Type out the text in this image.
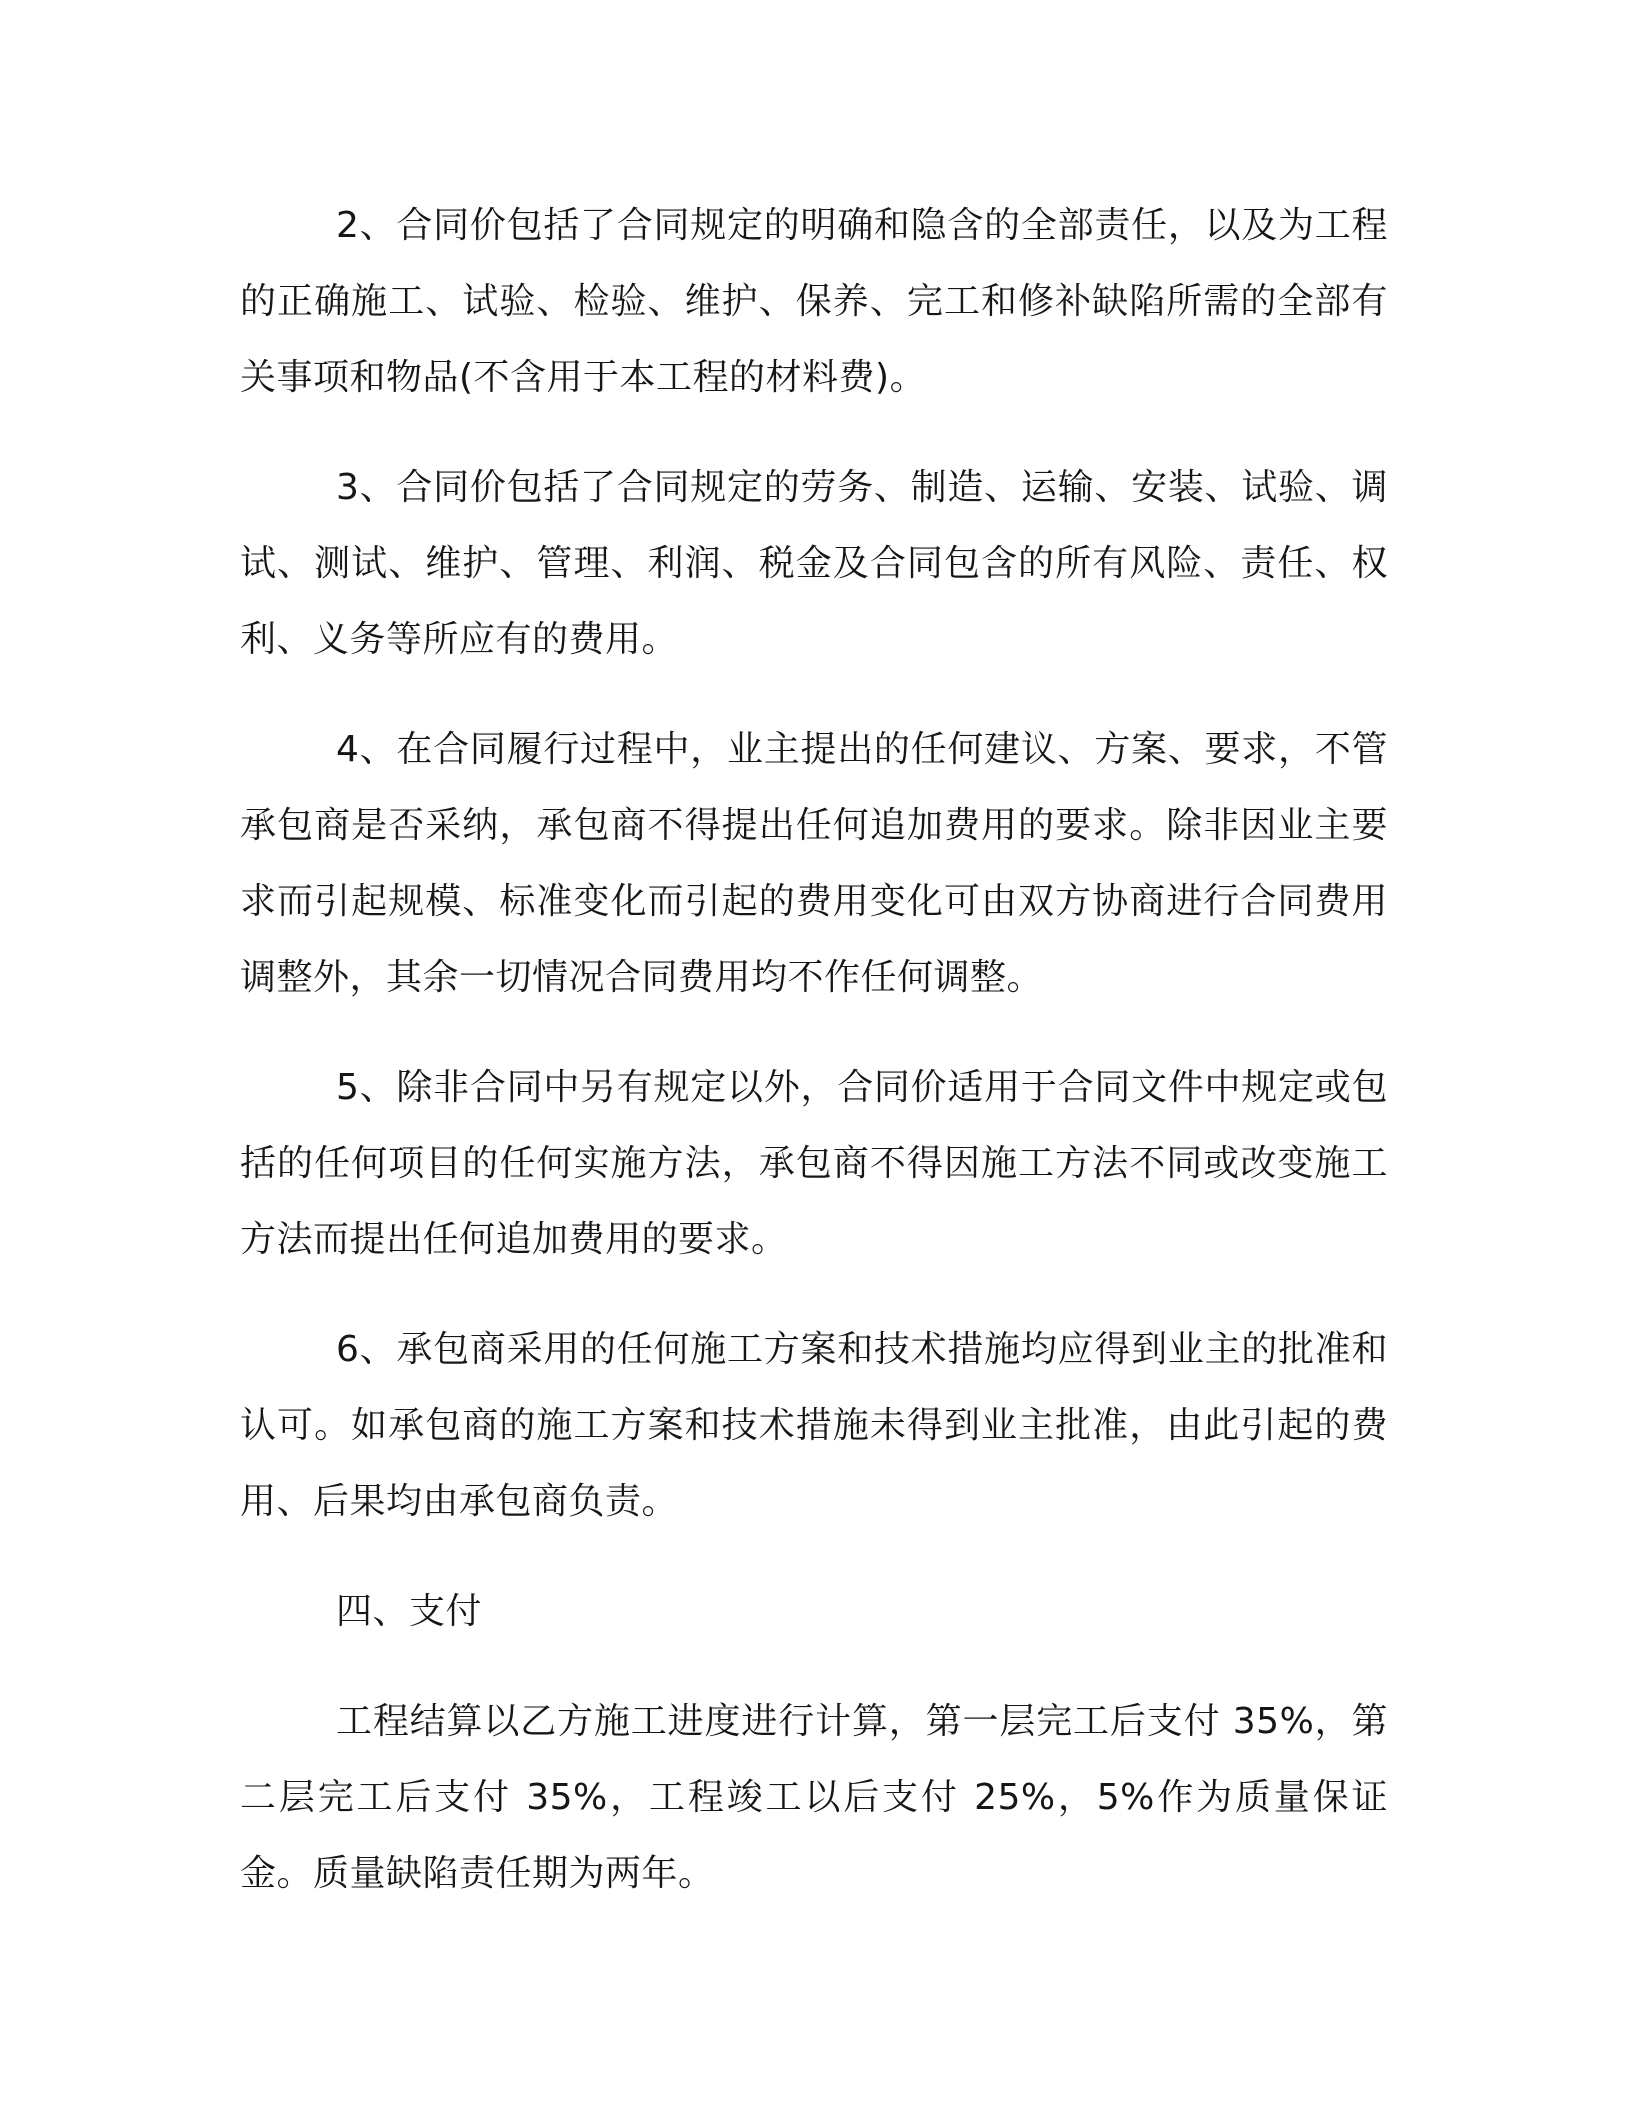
2、合同价包括了合同规定的明确和隐含的全部责任，以及为工程的正确施工、试验、检验、维护、保养、完工和修补缺陷所需的全部有关事项和物品(不含用于本工程的材料费)。

3、合同价包括了合同规定的劳务、制造、运输、安装、试验、调试、测试、维护、管理、利润、税金及合同包含的所有风险、责任、权利、义务等所应有的费用。

4、在合同履行过程中，业主提出的任何建议、方案、要求，不管承包商是否采纳，承包商不得提出任何追加费用的要求。除非因业主要求而引起规模、标准变化而引起的费用变化可由双方协商进行合同费用调整外，其余一切情况合同费用均不作任何调整。

5、除非合同中另有规定以外，合同价适用于合同文件中规定或包括的任何项目的任何实施方法，承包商不得因施工方法不同或改变施工方法而提出任何追加费用的要求。

6、承包商采用的任何施工方案和技术措施均应得到业主的批准和认可。如承包商的施工方案和技术措施未得到业主批准，由此引起的费用、后果均由承包商负责。

四、支付

工程结算以乙方施工进度进行计算，第一层完工后支付 35%，第二层完工后支付 35%，工程竣工以后支付 25%，5%作为质量保证金。质量缺陷责任期为两年。
